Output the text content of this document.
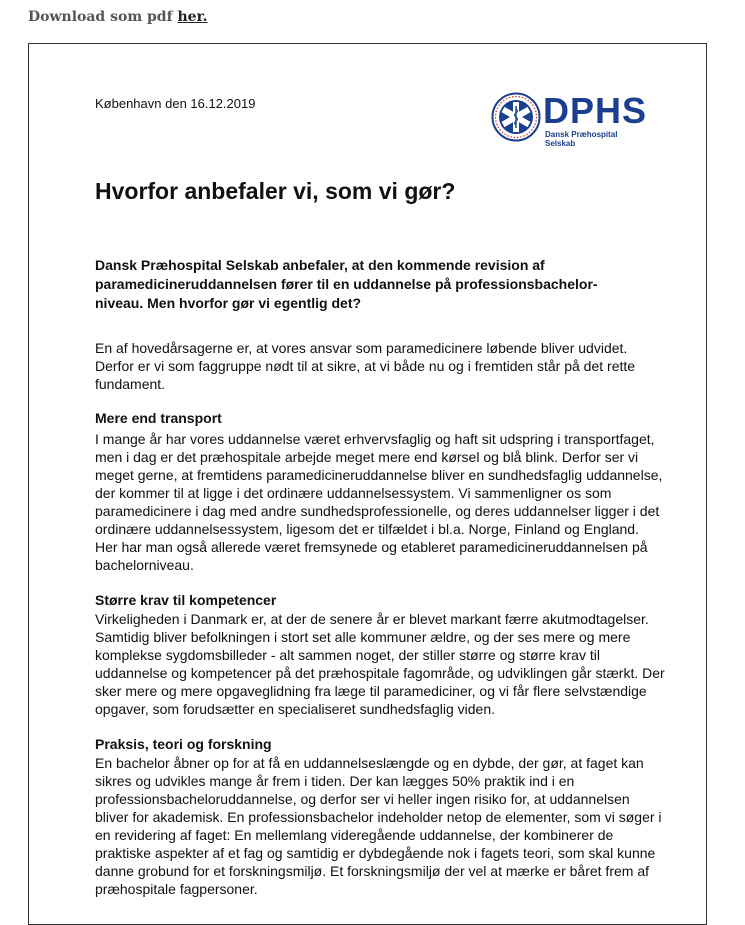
Download som pdf her.
København den 16.12.2019	DPHS
Dansk Præhospital Selskab
Hvorfor anbefaler vi, som vi gør?
Dansk Præhospital Selskab anbefaler, at den kommende revision af paramedicineruddannelsen fører til en uddannelse på professionsbachelor-niveau. Men hvorfor gør vi egentlig det?
En af hovedårsagerne er, at vores ansvar som paramedicinere løbende bliver udvidet. Derfor er vi som faggruppe nødt til at sikre, at vi både nu og i fremtiden står på det rette fundament.
Mere end transport
I mange år har vores uddannelse været erhvervsfaglig og haft sit udspring i transportfaget, men i dag er det præhospitale arbejde meget mere end kørsel og blå blink. Derfor ser vi meget gerne, at fremtidens paramedicineruddannelse bliver en sundhedsfaglig uddannelse, der kommer til at ligge i det ordinære uddannelsessystem. Vi sammenligner os som paramedicinere i dag med andre sundhedsprofessionelle, og deres uddannelser ligger i det ordinære uddannelsessystem, ligesom det er tilfældet i bl.a. Norge, Finland og England. Her har man også allerede været fremsynede og etableret paramedicineruddannelsen på bachelorniveau.
Større krav til kompetencer
Virkeligheden i Danmark er, at der de senere år er blevet markant færre akutmodtagelser. Samtidig bliver befolkningen i stort set alle kommuner ældre, og der ses mere og mere komplekse sygdomsbilleder - alt sammen noget, der stiller større og større krav til uddannelse og kompetencer på det præhospitale fagområde, og udviklingen går stærkt. Der sker mere og mere opgaveglidning fra læge til paramediciner, og vi får flere selvstændige opgaver, som forudsætter en specialiseret sundhedsfaglig viden.
Praksis, teori og forskning
En bachelor åbner op for at få en uddannelseslængde og en dybde, der gør, at faget kan sikres og udvikles mange år frem i tiden. Der kan lægges 50% praktik ind i en professionsbacheloruddannelse, og derfor ser vi heller ingen risiko for, at uddannelsen bliver for akademisk. En professionsbachelor indeholder netop de elementer, som vi søger i en revidering af faget: En mellemlang videregående uddannelse, der kombinerer de praktiske aspekter af et fag og samtidig er dybdegående nok i fagets teori, som skal kunne danne grobund for et forskningsmiljø. Et forskningsmiljø der vel at mærke er båret frem af præhospitale fagpersoner.
